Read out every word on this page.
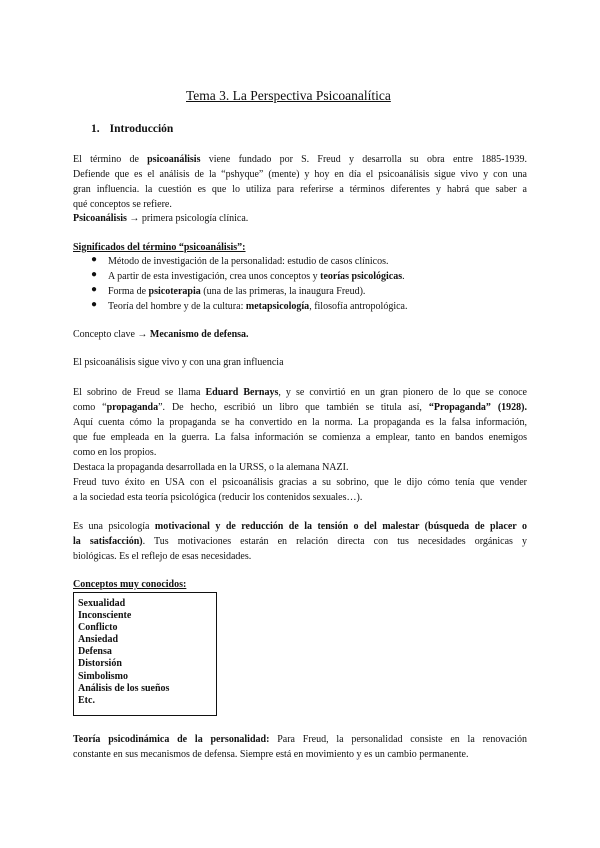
Tema 3. La Perspectiva Psicoanalítica
1. Introducción
El término de psicoanálisis viene fundado por S. Freud y desarrolla su obra entre 1885-1939.
Defiende que es el análisis de la “pshyque” (mente) y hoy en día el psicoanálisis sigue vivo y con una
gran influencia. la cuestión es que lo utiliza para referirse a términos diferentes y habrá que saber a
qué conceptos se refiere.
Psicoanálisis → primera psicología clínica.
Significados del término “psicoanálisis”:
● Método de investigación de la personalidad: estudio de casos clínicos.
● A partir de esta investigación, crea unos conceptos y teorías psicológicas.
● Forma de psicoterapia (una de las primeras, la inaugura Freud).
● Teoría del hombre y de la cultura: metapsicología, filosofía antropológica.
Concepto clave → Mecanismo de defensa.
El psicoanálisis sigue vivo y con una gran influencia
El sobrino de Freud se llama Eduard Bernays, y se convirtió en un gran pionero de lo que se conoce
como “propaganda”. De hecho, escribió un libro que también se titula así, “Propaganda” (1928).
Aquí cuenta cómo la propaganda se ha convertido en la norma. La propaganda es la falsa información,
que fue empleada en la guerra. La falsa información se comienza a emplear, tanto en bandos enemigos
como en los propios.
Destaca la propaganda desarrollada en la URSS, o la alemana NAZI.
Freud tuvo éxito en USA con el psicoanálisis gracias a su sobrino, que le dijo cómo tenía que vender
a la sociedad esta teoría psicológica (reducir los contenidos sexuales…).
Es una psicología motivacional y de reducción de la tensión o del malestar (búsqueda de placer o
la satisfacción). Tus motivaciones estarán en relación directa con tus necesidades orgánicas y
biológicas. Es el reflejo de esas necesidades.
Conceptos muy conocidos:
Sexualidad
Inconsciente
Conflicto
Ansiedad
Defensa
Distorsión
Simbolismo
Análisis de los sueños
Etc.
Teoría psicodinámica de la personalidad: Para Freud, la personalidad consiste en la renovación
constante en sus mecanismos de defensa. Siempre está en movimiento y es un cambio permanente.
